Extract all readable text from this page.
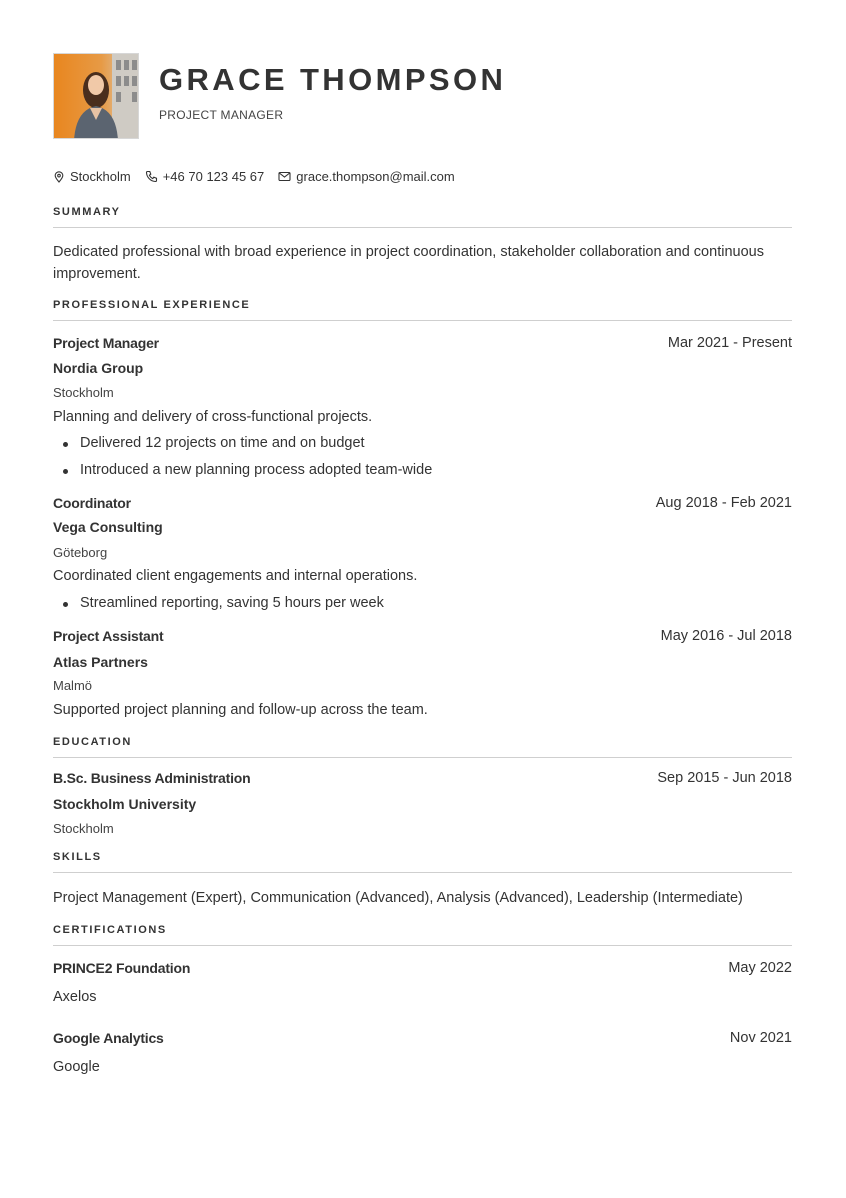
GRACE THOMPSON
PROJECT MANAGER
Stockholm +46 70 123 45 67 grace.thompson@mail.com
SUMMARY
Dedicated professional with broad experience in project coordination, stakeholder collaboration and continuous improvement.
PROFESSIONAL EXPERIENCE
Project Manager	Mar 2021 - Present
Nordia Group
Stockholm
Planning and delivery of cross-functional projects.
Delivered 12 projects on time and on budget
Introduced a new planning process adopted team-wide
Coordinator	Aug 2018 - Feb 2021
Vega Consulting
Göteborg
Coordinated client engagements and internal operations.
Streamlined reporting, saving 5 hours per week
Project Assistant	May 2016 - Jul 2018
Atlas Partners
Malmö
Supported project planning and follow-up across the team.
EDUCATION
B.Sc. Business Administration	Sep 2015 - Jun 2018
Stockholm University
Stockholm
SKILLS
Project Management (Expert), Communication (Advanced), Analysis (Advanced), Leadership (Intermediate)
CERTIFICATIONS
PRINCE2 Foundation	May 2022
Axelos
Google Analytics	Nov 2021
Google
